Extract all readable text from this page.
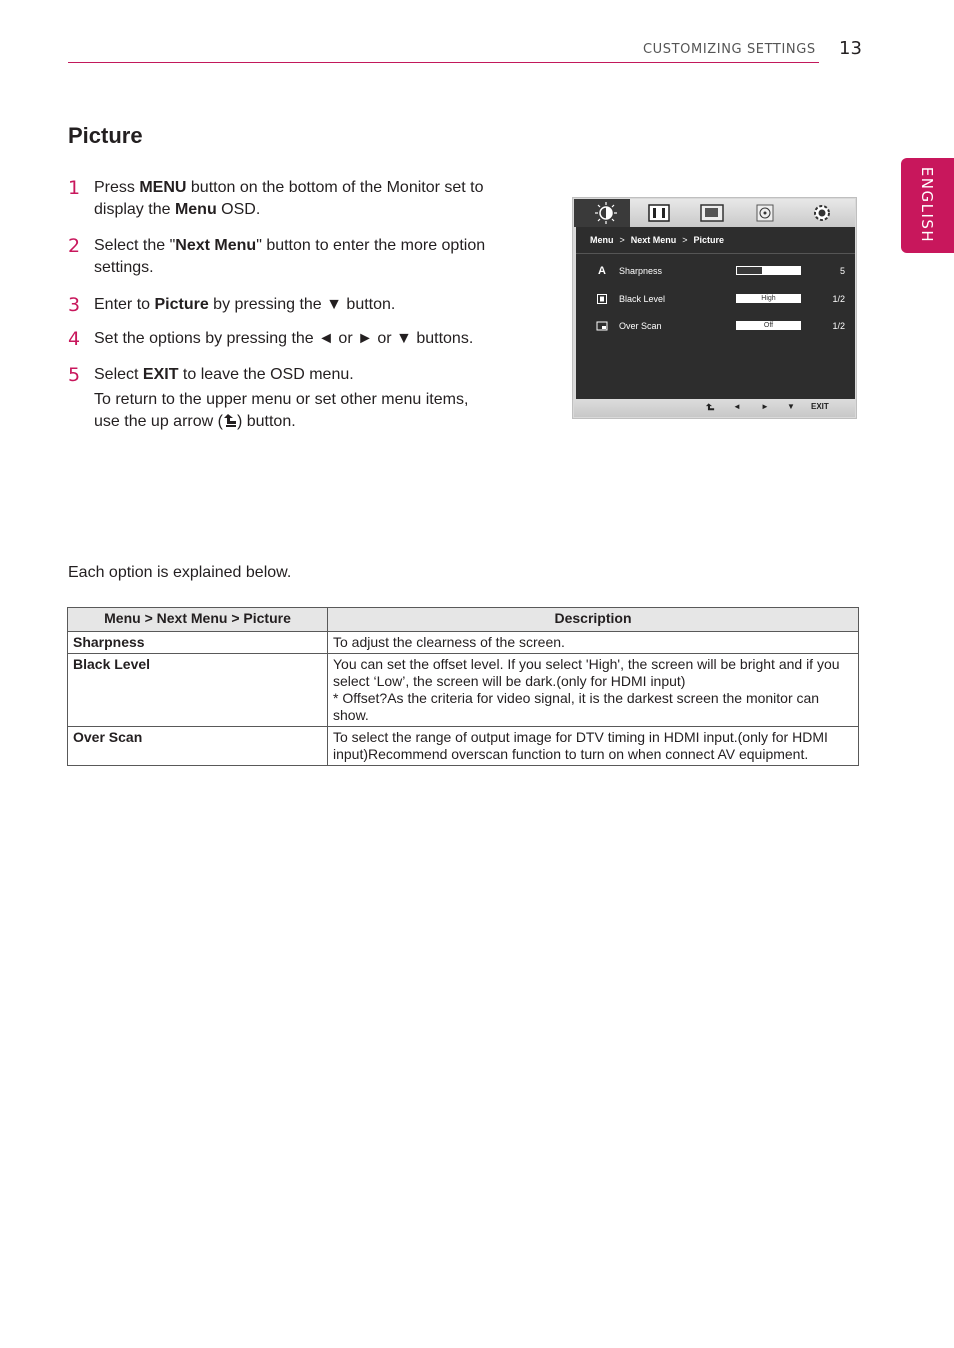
CUSTOMIZING SETTINGS 13
ENGLISH
Picture
1 Press MENU button on the bottom of the Monitor set to display the Menu OSD.

2 Select the "Next Menu" button to enter the more option settings.

3 Enter to Picture by pressing the ▼ button.

4 Set the options by pressing the ◄ or ► or ▼ buttons.

5 Select EXIT to leave the OSD menu.

To return to the upper menu or set other menu items, use the up arrow ( ) button.

Menu > Next Menu > Picture
A Sharpness	5
Black Level	High	1/2
Over Scan	Off	1/2
◄	► ▼ EXIT

Each option is explained below.

Menu > Next Menu > Picture	Description
Sharpness	To adjust the clearness of the screen.

Black Level	You can set the offset level. If you select 'High', the screen will be bright and if you select ‘Low’, the screen will be dark.(only for HDMI input)

* Offset?As the criteria for video signal, it is the darkest screen the monitor can show.

Over Scan	To select the range of output image for DTV timing in HDMI input.(only for HDMI input)Recommend overscan function to turn on when connect AV equipment.
